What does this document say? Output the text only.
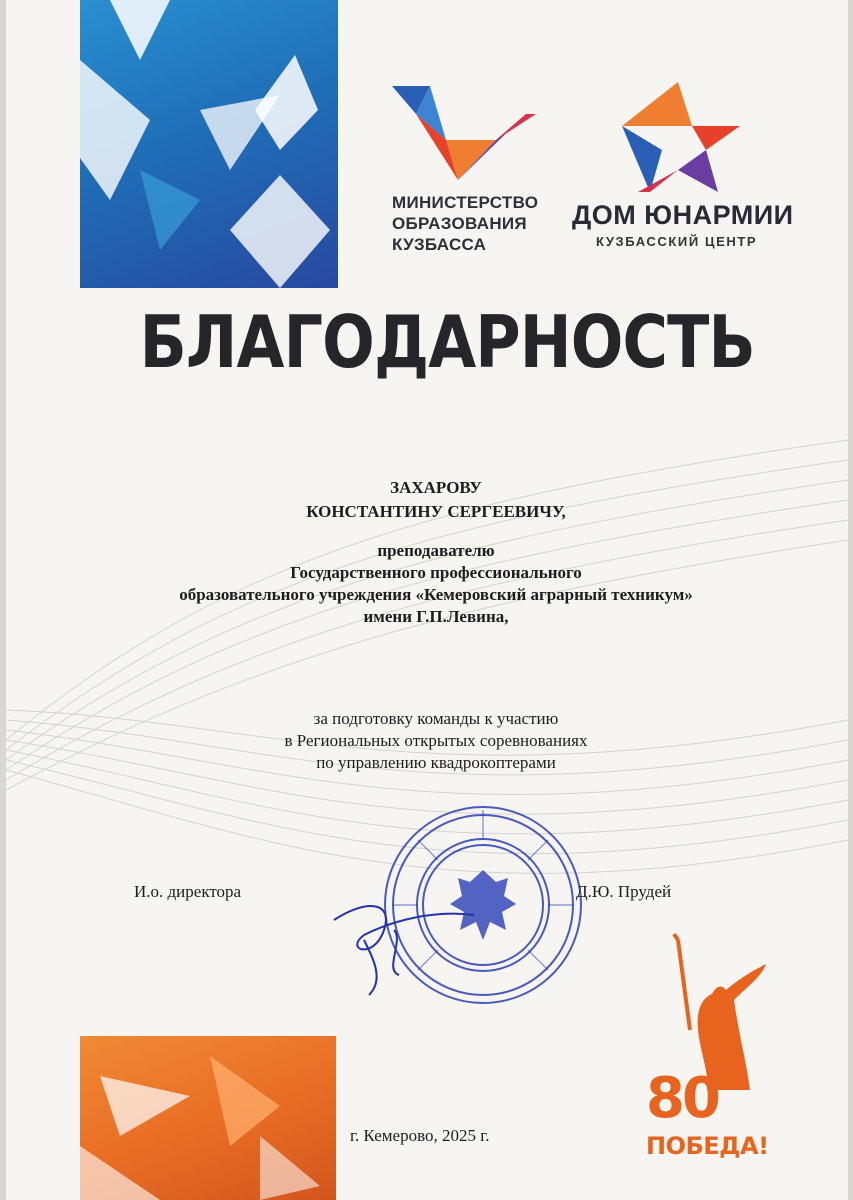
МИНИСТЕРСТВО
ОБРАЗОВАНИЯ
КУЗБАССА
ДОМ ЮНАРМИИ
КУЗБАССКИЙ ЦЕНТР
БЛАГОДАРНОСТЬ
ЗАХАРОВУ
КОНСТАНТИНУ СЕРГЕЕВИЧУ,
преподавателю
Государственного профессионального
образовательного учреждения «Кемеровский аграрный техникум»
имени Г.П.Левина,
за подготовку команды к участию
в Региональных открытых соревнованиях
по управлению квадрокоптерами
И.о. директора	Д.Ю. Прудей
г. Кемерово, 2025 г.
80
ПОБЕДА!
